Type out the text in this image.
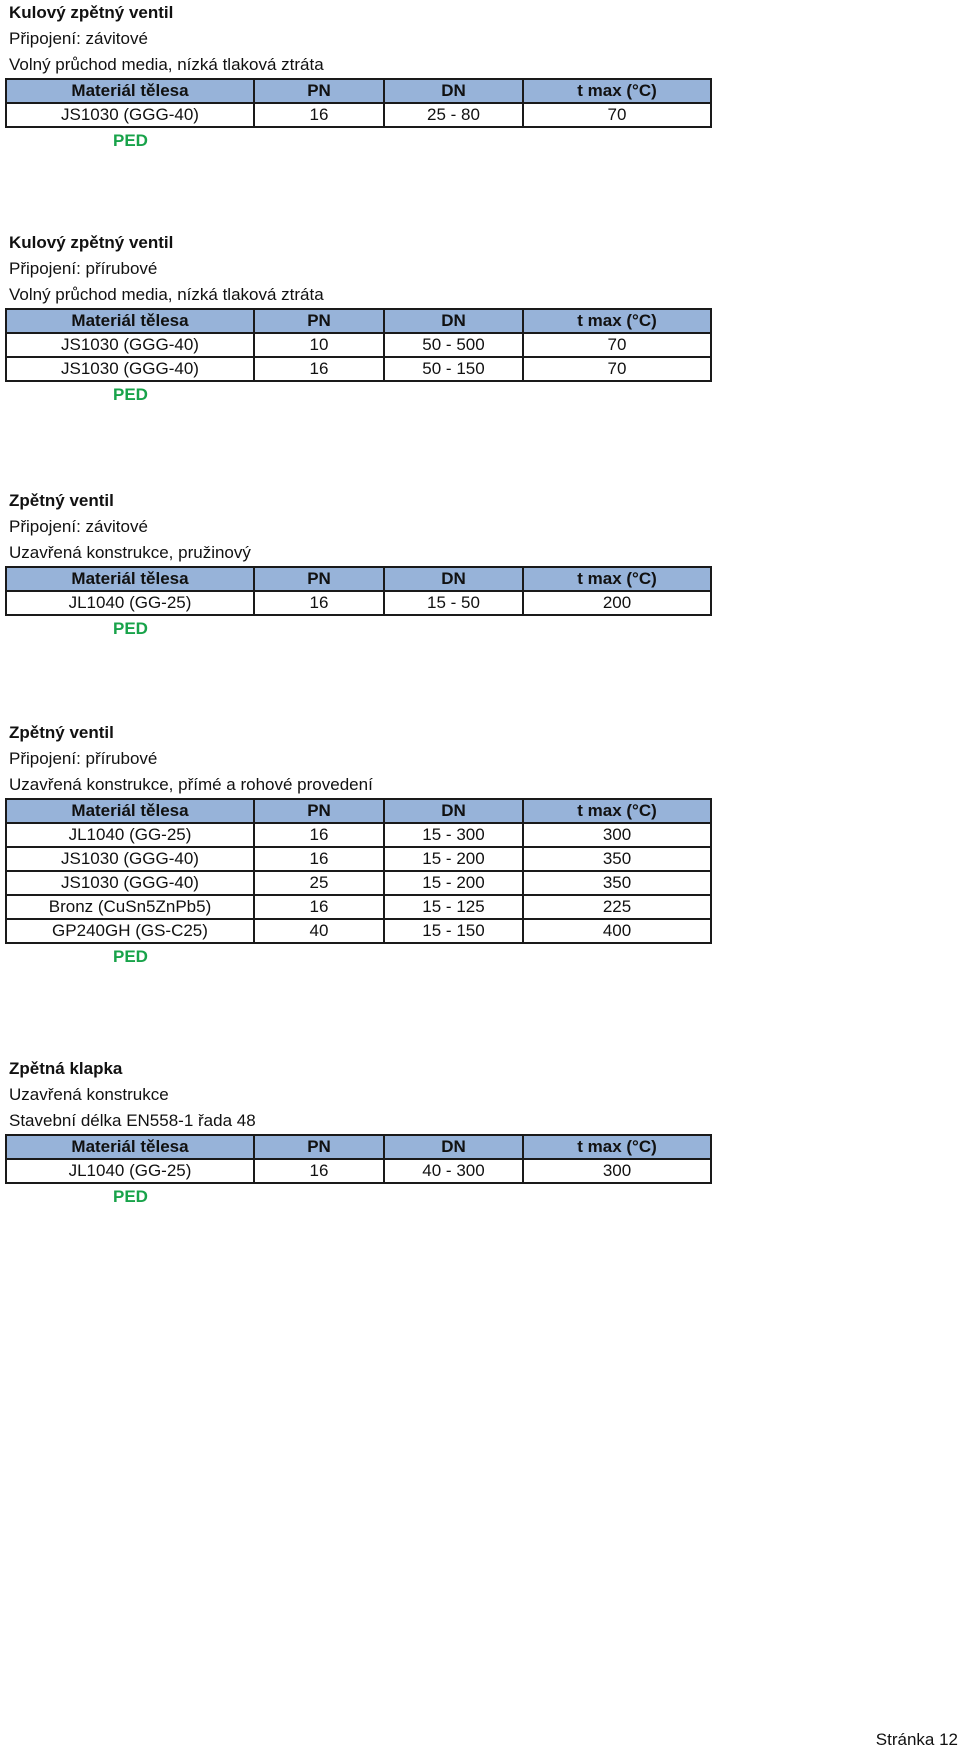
Kulový zpětný ventil
Připojení: závitové
Volný průchod media, nízká tlaková ztráta
Materiál tělesa	PN	DN	t max (°C)
JS1030 (GGG-40)	16	25 - 80	70
PED
Kulový zpětný ventil
Připojení: přírubové
Volný průchod media, nízká tlaková ztráta
Materiál tělesa	PN	DN	t max (°C)
JS1030 (GGG-40)	10	50 - 500	70
JS1030 (GGG-40)	16	50 - 150	70
PED
Zpětný ventil
Připojení: závitové
Uzavřená konstrukce, pružinový
Materiál tělesa	PN	DN	t max (°C)
JL1040 (GG-25)	16	15 - 50	200
PED
Zpětný ventil
Připojení: přírubové
Uzavřená konstrukce, přímé a rohové provedení
Materiál tělesa	PN	DN	t max (°C)
JL1040 (GG-25)	16	15 - 300	300
JS1030 (GGG-40)	16	15 - 200	350
JS1030 (GGG-40)	25	15 - 200	350
Bronz (CuSn5ZnPb5)	16	15 - 125	225
GP240GH (GS-C25)	40	15 - 150	400
PED
Zpětná klapka
Uzavřená konstrukce
Stavební délka EN558-1 řada 48
Materiál tělesa	PN	DN	t max (°C)
JL1040 (GG-25)	16	40 - 300	300
PED
Stránka 12
